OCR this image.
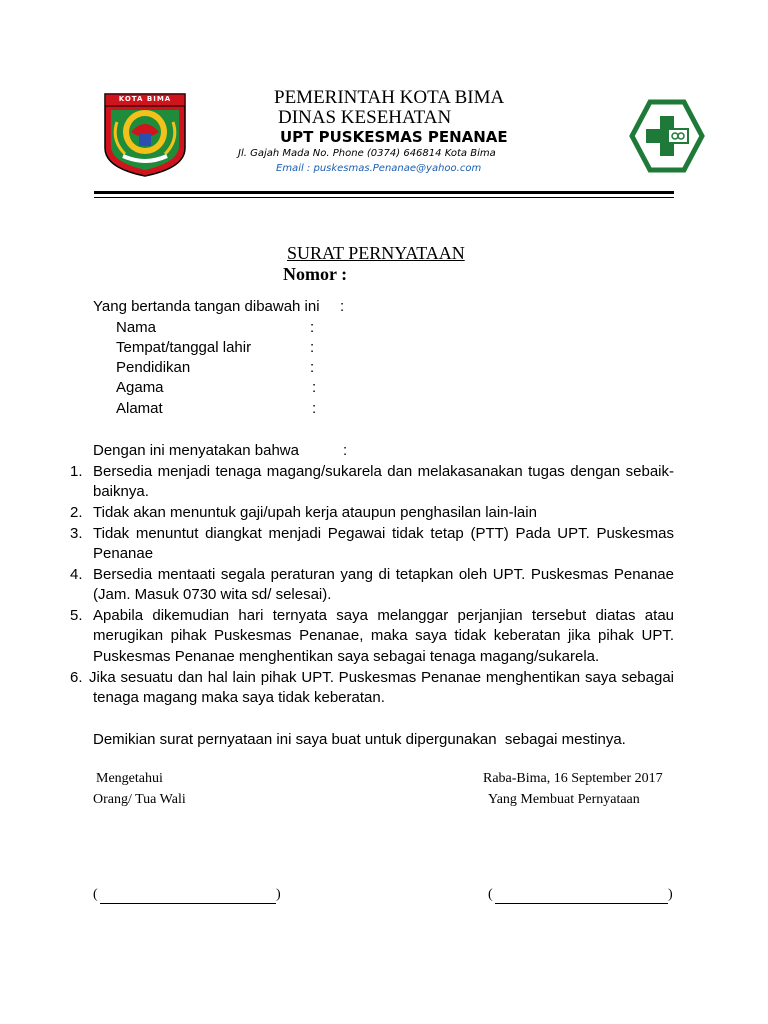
KOTA BIMA	PEMERINTAH KOTA BIMA
DINAS KESEHATAN
UPT PUSKESMAS PENANAE
Jl. Gajah Mada No. Phone (0374) 646814 Kota Bima
Email : puskesmas.Penanae@yahoo.com
SURAT PERNYATAAN
Nomor :
Yang bertanda tangan dibawah ini :
Nama	:
Tempat/tanggal lahir	:
Pendidikan	:
Agama	:
Alamat	:
Dengan ini menyatakan bahwa	:
1. Bersedia menjadi tenaga magang/sukarela dan melakasanakan tugas dengan sebaik-
baiknya.
2. Tidak akan menuntuk gaji/upah kerja ataupun penghasilan lain-lain
3. Tidak menuntut diangkat menjadi Pegawai tidak tetap (PTT) Pada UPT. Puskesmas
Penanae
4. Bersedia mentaati segala peraturan yang di tetapkan oleh UPT. Puskesmas Penanae
(Jam. Masuk 0730 wita sd/ selesai).
5. Apabila dikemudian hari ternyata saya melanggar perjanjian tersebut diatas atau
merugikan pihak Puskesmas Penanae, maka saya tidak keberatan jika pihak UPT.
Puskesmas Penanae menghentikan saya sebagai tenaga magang/sukarela.
6. Jika sesuatu dan hal lain pihak UPT. Puskesmas Penanae menghentikan saya sebagai
tenaga magang maka saya tidak keberatan.
Demikian surat pernyataan ini saya buat untuk dipergunakan  sebagai mestinya.
Mengetahui
Orang/ Tua Wali
Raba-Bima, 16 September 2017
Yang Membuat Pernyataan
(	)	(	)
